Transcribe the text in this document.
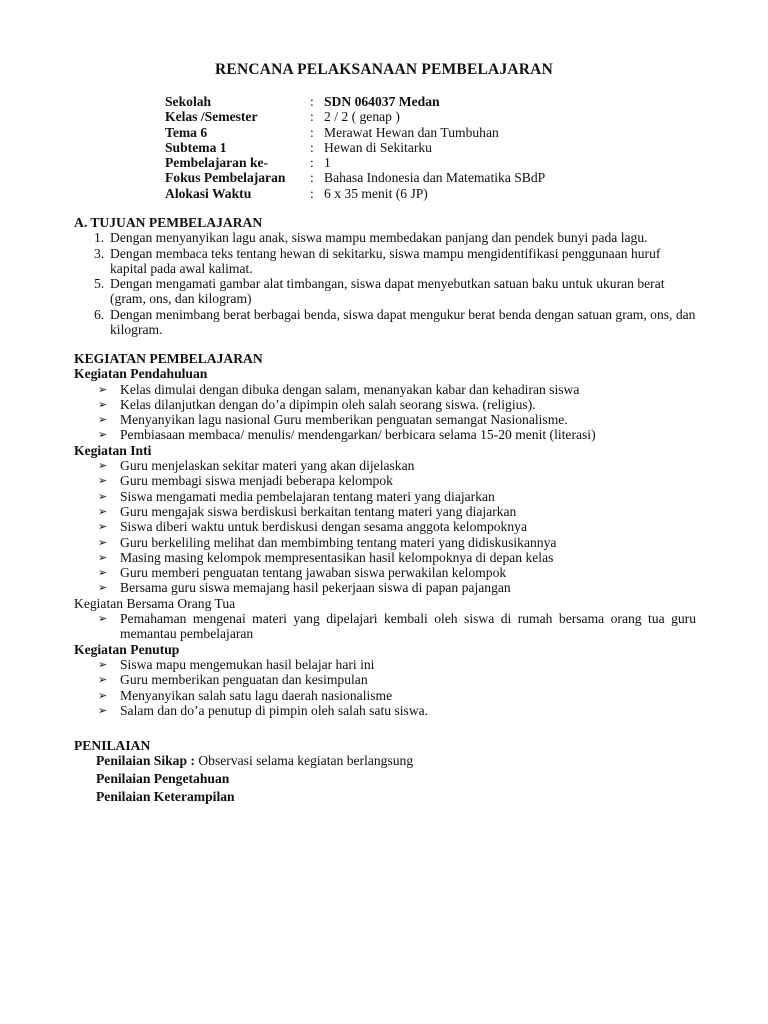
RENCANA PELAKSANAAN PEMBELAJARAN
Sekolah	: SDN 064037 Medan
Kelas /Semester	: 2 / 2 ( genap )
Tema 6	: Merawat Hewan dan Tumbuhan
Subtema 1	: Hewan di Sekitarku
Pembelajaran ke-	: 1
Fokus Pembelajaran : Bahasa Indonesia dan Matematika SBdP
Alokasi Waktu	: 6 x 35 menit (6 JP)
A. TUJUAN PEMBELAJARAN
1. Dengan menyanyikan lagu anak, siswa mampu membedakan panjang dan pendek bunyi pada lagu.
3. Dengan membaca teks tentang hewan di sekitarku, siswa mampu mengidentifikasi penggunaan huruf kapital pada awal kalimat.
5. Dengan mengamati gambar alat timbangan, siswa dapat menyebutkan satuan baku untuk ukuran berat (gram, ons, dan kilogram)
6. Dengan menimbang berat berbagai benda, siswa dapat mengukur berat benda dengan satuan gram, ons, dan kilogram.
KEGIATAN PEMBELAJARAN
Kegiatan Pendahuluan
➢ Kelas dimulai dengan dibuka dengan salam, menanyakan kabar dan kehadiran siswa
➢ Kelas dilanjutkan dengan do’a dipimpin oleh salah seorang siswa. (religius).
➢ Menyanyikan lagu nasional Guru memberikan penguatan semangat Nasionalisme.
➢ Pembiasaan membaca/ menulis/ mendengarkan/ berbicara selama 15-20 menit (literasi)
Kegiatan Inti
➢ Guru menjelaskan sekitar materi yang akan dijelaskan
➢ Guru membagi siswa menjadi beberapa kelompok
➢ Siswa mengamati media pembelajaran tentang materi yang diajarkan
➢ Guru mengajak siswa berdiskusi berkaitan tentang materi yang diajarkan
➢ Siswa diberi waktu untuk berdiskusi dengan sesama anggota kelompoknya
➢ Guru berkeliling melihat dan membimbing tentang materi yang didiskusikannya
➢ Masing masing kelompok mempresentasikan hasil kelompoknya di depan kelas
➢ Guru memberi penguatan tentang jawaban siswa perwakilan kelompok
➢ Bersama guru siswa memajang hasil pekerjaan siswa di papan pajangan
Kegiatan Bersama Orang Tua
➢ Pemahaman mengenai materi yang dipelajari kembali oleh siswa di rumah bersama orang tua guru memantau pembelajaran
Kegiatan Penutup
➢ Siswa mapu mengemukan hasil belajar hari ini
➢ Guru memberikan penguatan dan kesimpulan
➢ Menyanyikan salah satu lagu daerah nasionalisme
➢ Salam dan do’a penutup di pimpin oleh salah satu siswa.
PENILAIAN
Penilaian Sikap : Observasi selama kegiatan berlangsung
Penilaian Pengetahuan
Penilaian Keterampilan
